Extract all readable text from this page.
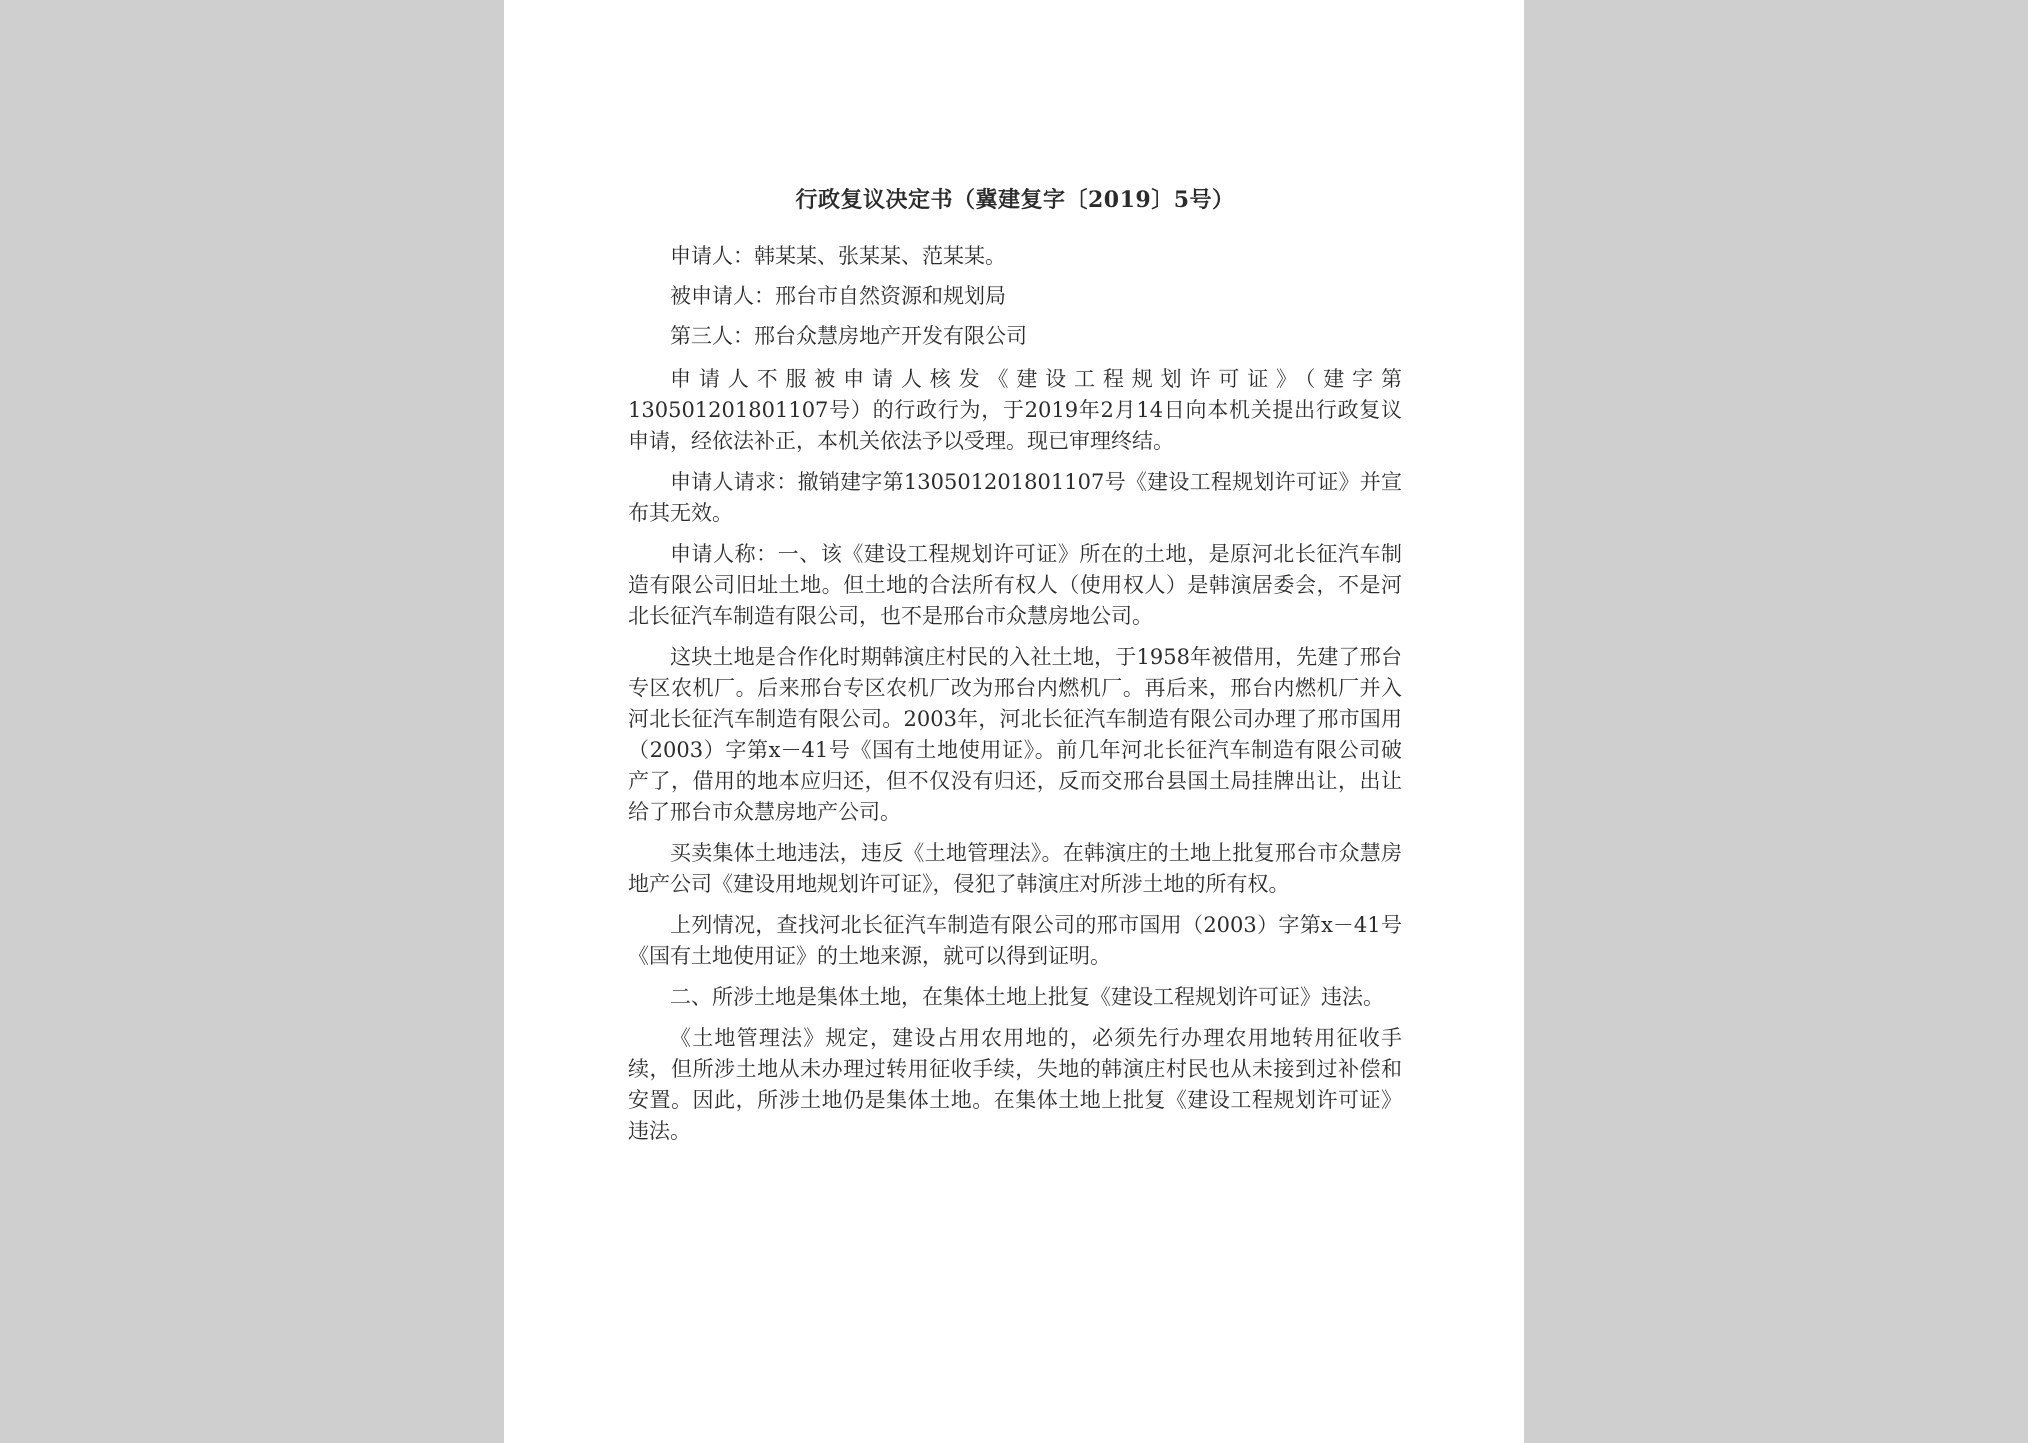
行政复议决定书（冀建复字〔2019〕5号）

申请人：韩某某、张某某、范某某。

被申请人：邢台市自然资源和规划局

第三人：邢台众慧房地产开发有限公司

申请人不服被申请人核发《建设工程规划许可证》（建字第130501201801107号）的行政行为，于2019年2月14日向本机关提出行政复议申请，经依法补正，本机关依法予以受理。现已审理终结。

申请人请求：撤销建字第130501201801107号《建设工程规划许可证》并宣布其无效。

申请人称：一、该《建设工程规划许可证》所在的土地，是原河北长征汽车制造有限公司旧址土地。但土地的合法所有权人（使用权人）是韩演居委会，不是河北长征汽车制造有限公司，也不是邢台市众慧房地公司。

这块土地是合作化时期韩演庄村民的入社土地，于1958年被借用，先建了邢台专区农机厂。后来邢台专区农机厂改为邢台内燃机厂。再后来，邢台内燃机厂并入河北长征汽车制造有限公司。2003年，河北长征汽车制造有限公司办理了邢市国用（2003）字第x－41号《国有土地使用证》。前几年河北长征汽车制造有限公司破产了，借用的地本应归还，但不仅没有归还，反而交邢台县国土局挂牌出让，出让给了邢台市众慧房地产公司。

买卖集体土地违法，违反《土地管理法》。在韩演庄的土地上批复邢台市众慧房地产公司《建设用地规划许可证》，侵犯了韩演庄对所涉土地的所有权。

上列情况，查找河北长征汽车制造有限公司的邢市国用（2003）字第x－41号《国有土地使用证》的土地来源，就可以得到证明。

二、所涉土地是集体土地，在集体土地上批复《建设工程规划许可证》违法。

《土地管理法》规定，建设占用农用地的，必须先行办理农用地转用征收手续，但所涉土地从未办理过转用征收手续，失地的韩演庄村民也从未接到过补偿和安置。因此，所涉土地仍是集体土地。在集体土地上批复《建设工程规划许可证》违法。
